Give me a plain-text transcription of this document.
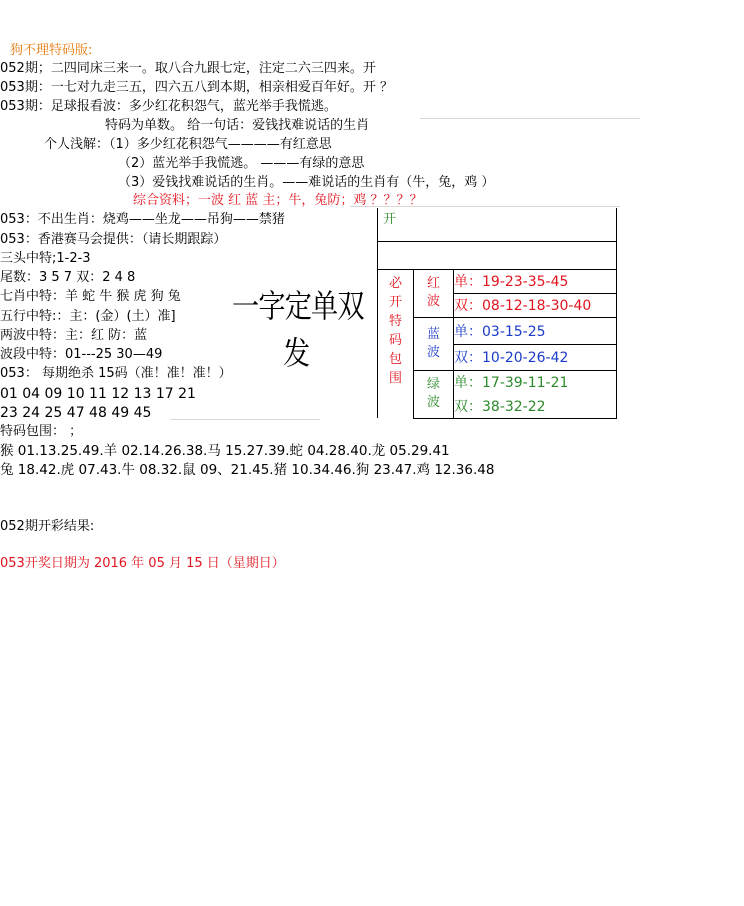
狗不理特码版:
052期；二四同床三来一。取八合九跟七定，注定二六三四来。开
053期：一七对九走三五，四六五八到本期，相亲相爱百年好。开 ？
053期：足球报看波：多少红花积怨气，蓝光举手我慌逃。
特码为单数。 给一句话：爱钱找难说话的生肖
个人浅解：（1）多少红花积怨气————有红意思
（2）蓝光举手我慌逃。 ———有绿的意思
（3）爱钱找难说话的生肖。——难说话的生肖有（牛，兔，鸡 ）
综合资料；一波 红 蓝 主；牛，兔防；鸡 ？？？？
053：不出生肖：烧鸡——坐龙——吊狗——禁猪
053：香港赛马会提供：（请长期跟踪）
三头中特;1-2-3
尾数：3 5 7 双：2 4 8
七肖中特：羊 蛇 牛 猴 虎 狗 兔
五行中特:：主：(金）(土）准]
两波中特：主：红 防：蓝
波段中特：01---25 30—49
053： 每期绝杀 15码（准！准！准！）
01 04 09 10 11 12 13 17 21
23 24 25 47 48 49 45
特码包围： ；
猴 01.13.25.49.羊 02.14.26.38.马 15.27.39.蛇 04.28.40.龙 05.29.41
兔 18.42.虎 07.43.牛 08.32.鼠 09、21.45.猪 10.34.46.狗 23.47.鸡 12.36.48
052期开彩结果:
053开奖日期为 2016 年 05 月 15 日（星期日）
一字定单双
发
开		

必开特码包围	红波	单：19-23-35-45
		双：08-12-18-30-40

	蓝波	单：03-15-25
		双：10-20-26-42

	绿波	单：17-39-11-21
		双：38-32-22
